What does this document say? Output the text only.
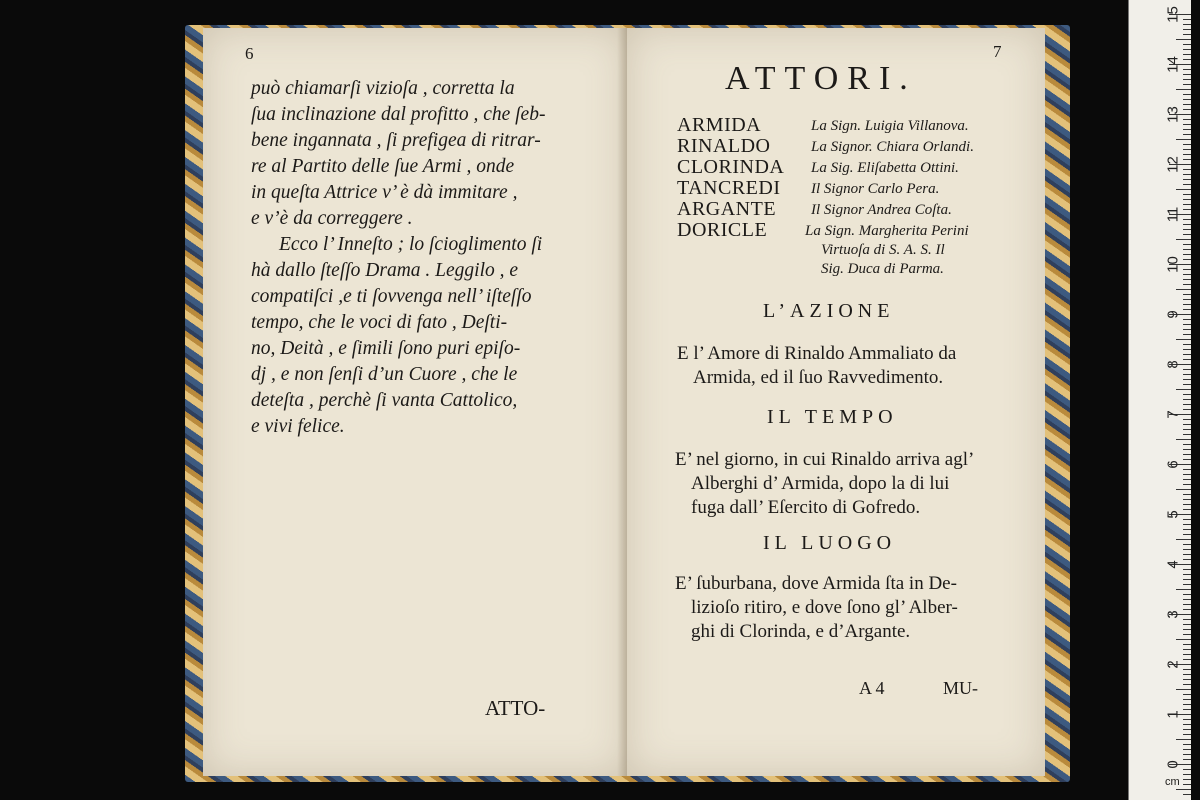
6
può chiamarſi vizioſa , corretta la
ſua inclinazione dal profitto , che ſeb-
bene ingannata , ſi prefigea di ritrar-
re al Partito delle ſue Armi , onde
in queſta Attrice v’ è dà immitare ,
e v’è da correggere .
Ecco l’ Inneſto ; lo ſcioglimento ſi
hà dallo ſteſſo Drama . Leggilo , e
compatiſci ,e ti ſovvenga nell’ iſteſſo
tempo, che le voci di fato , Deſti-
no, Deità , e ſimili ſono puri epiſo-
dj , e non ſenſi d’un Cuore , che le
deteſta , perchè ſi vanta Cattolico,
e vivi felice.
ATTO-
7
ATTORI.
ARMIDA	La Sign. Luigia Villanova.
RINALDO	La Signor. Chiara Orlandi.
CLORINDA La Sig. Eliſabetta Ottini.
TANCREDI Il Signor Carlo Pera.
ARGANTE Il Signor Andrea Coſta.
DORICLE	La Sign. Margherita Perini
Virtuoſa di S. A. S. Il
Sig. Duca di Parma.
L’AZIONE
E l’ Amore di Rinaldo Ammaliato da
Armida, ed il ſuo Ravvedimento.
IL TEMPO
E’ nel giorno, in cui Rinaldo arriva agl’
Alberghi d’ Armida, dopo la di lui
fuga dall’ Eſercito di Gofredo.
IL LUOGO
E’ ſuburbana, dove Armida ſta in De-
lizioſo ritiro, e dove ſono gl’ Alber-
ghi di Clorinda, e d’Argante.
A 4	MU-
15
14
13
12
11
10
9
8
7
6
5
4
3
2
1
0
cm
